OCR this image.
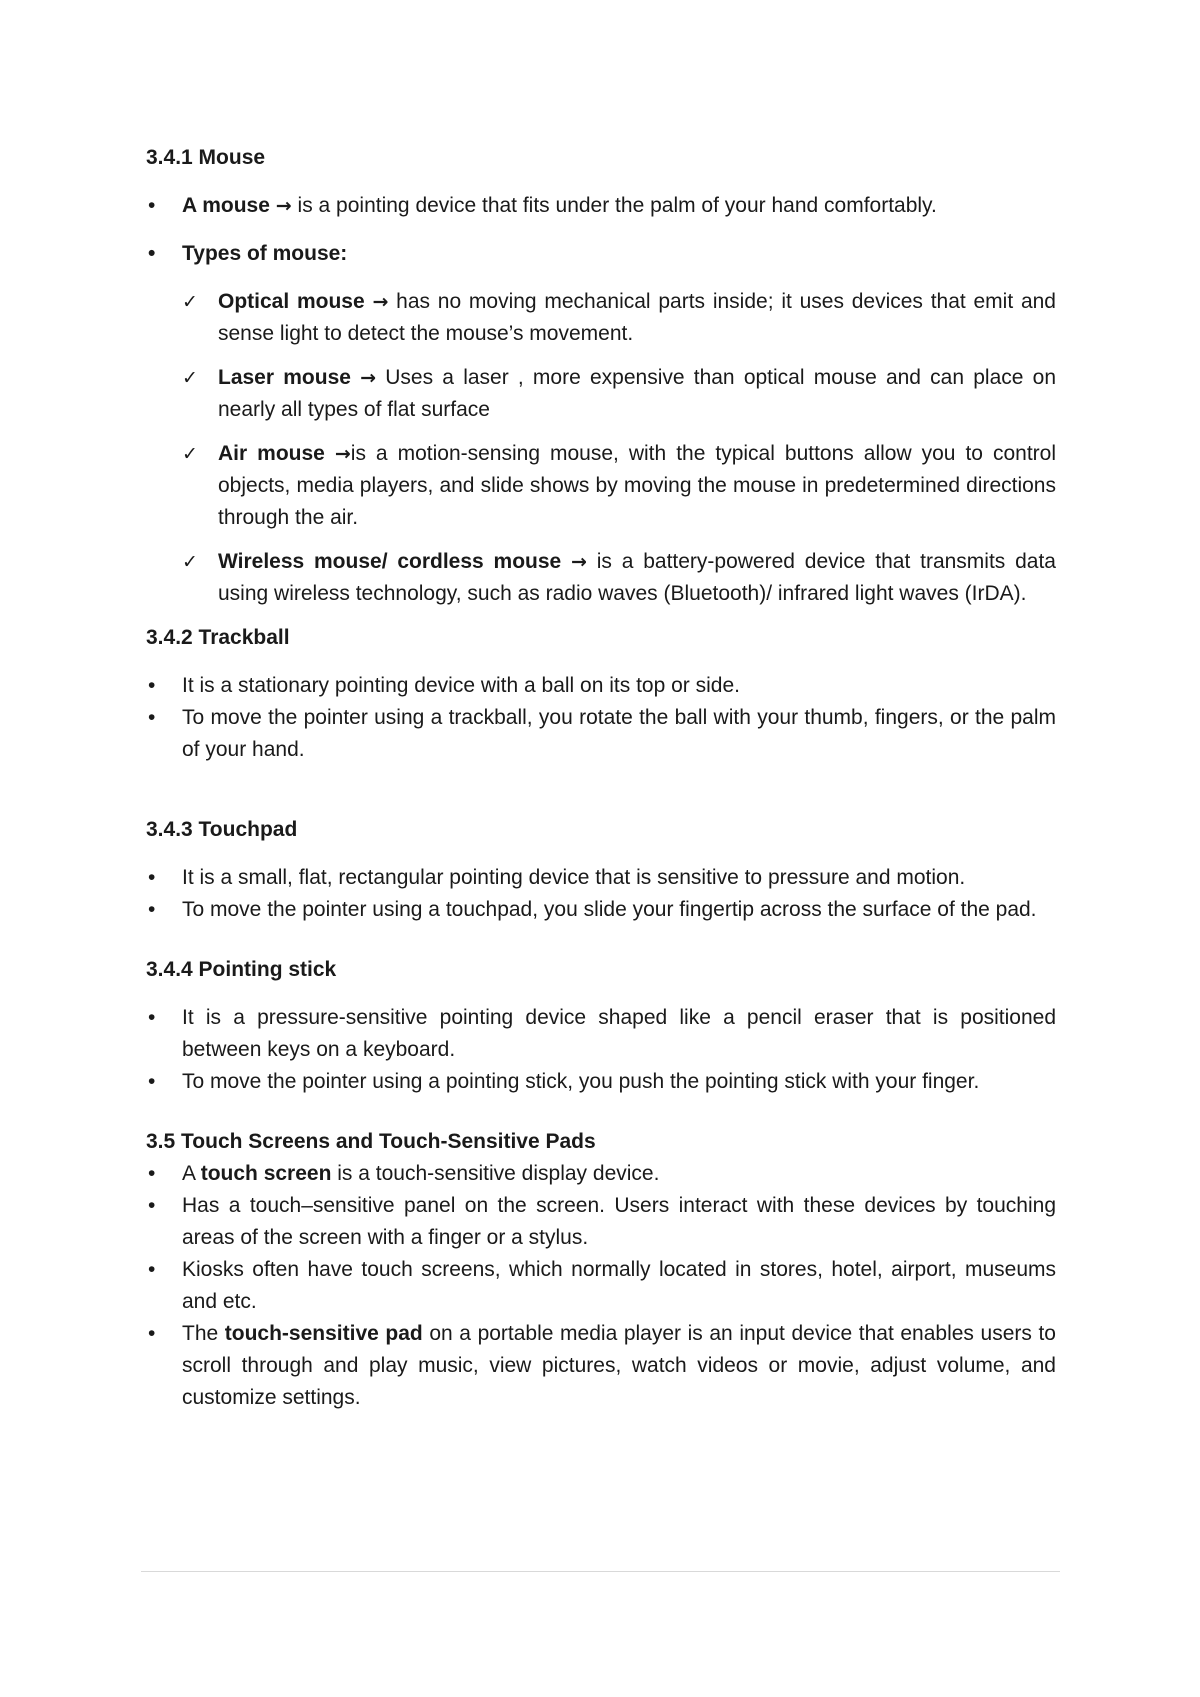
3.4.1 Mouse

• A mouse → is a pointing device that fits under the palm of your hand comfortably.
• Types of mouse:
✓ Optical mouse → has no moving mechanical parts inside; it uses devices that emit and sense light to detect the mouse’s movement.
✓ Laser mouse → Uses a laser , more expensive than optical mouse and can place on nearly all types of flat surface
✓ Air mouse →is a motion-sensing mouse, with the typical buttons allow you to control objects, media players, and slide shows by moving the mouse in predetermined directions through the air.
✓ Wireless mouse/ cordless mouse → is a battery-powered device that transmits data using wireless technology, such as radio waves (Bluetooth)/ infrared light waves (IrDA).

3.4.2 Trackball

• It is a stationary pointing device with a ball on its top or side.
• To move the pointer using a trackball, you rotate the ball with your thumb, fingers, or the palm of your hand.

3.4.3 Touchpad

• It is a small, flat, rectangular pointing device that is sensitive to pressure and motion.
• To move the pointer using a touchpad, you slide your fingertip across the surface of the pad.

3.4.4 Pointing stick

• It is a pressure-sensitive pointing device shaped like a pencil eraser that is positioned between keys on a keyboard.
• To move the pointer using a pointing stick, you push the pointing stick with your finger.

3.5 Touch Screens and Touch-Sensitive Pads

• A touch screen is a touch-sensitive display device.
• Has a touch–sensitive panel on the screen. Users interact with these devices by touching areas of the screen with a finger or a stylus.
• Kiosks often have touch screens, which normally located in stores, hotel, airport, museums and etc.
• The touch-sensitive pad on a portable media player is an input device that enables users to scroll through and play music, view pictures, watch videos or movie, adjust volume, and customize settings.
